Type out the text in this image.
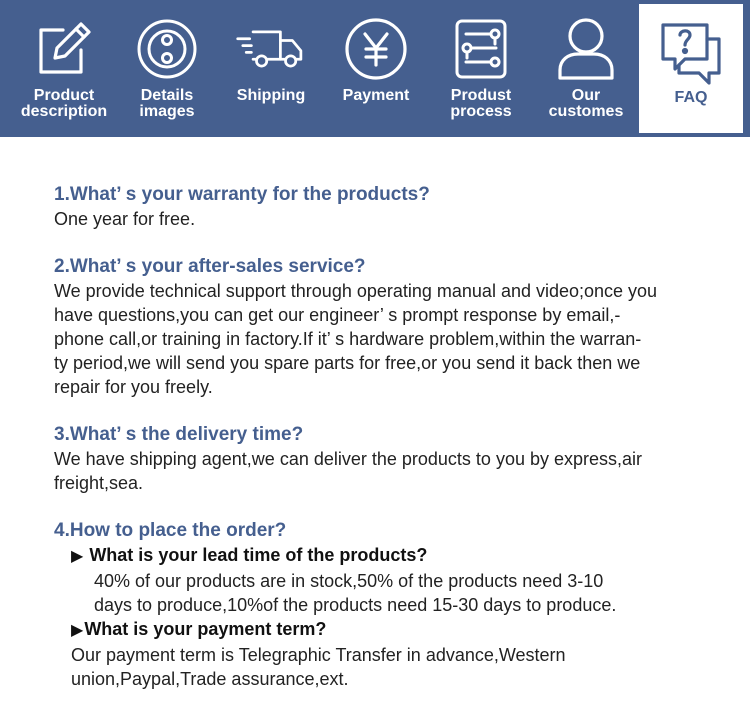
Product
description
Details
images
Shipping Payment	Produst
process
Our
customes
FAQ
1.What’ s your warranty for the products?
One year for free.
2.What’ s your after-sales service?
We provide technical support through operating manual and video;once you
have questions,you can get our engineer’ s prompt response by email,-
phone call,or training in factory.If it’ s hardware problem,within the warran-
ty period,we will send you spare parts for free,or you send it back then we
repair for you freely.
3.What’ s the delivery time?
We have shipping agent,we can deliver the products to you by express,air
freight,sea.
4.How to place the order?
▶ What is your lead time of the products?
40% of our products are in stock,50% of the products need 3-10
days to produce,10%of the products need 15-30 days to produce.
▶What is your payment term?
Our payment term is Telegraphic Transfer in advance,Western
union,Paypal,Trade assurance,ext.
